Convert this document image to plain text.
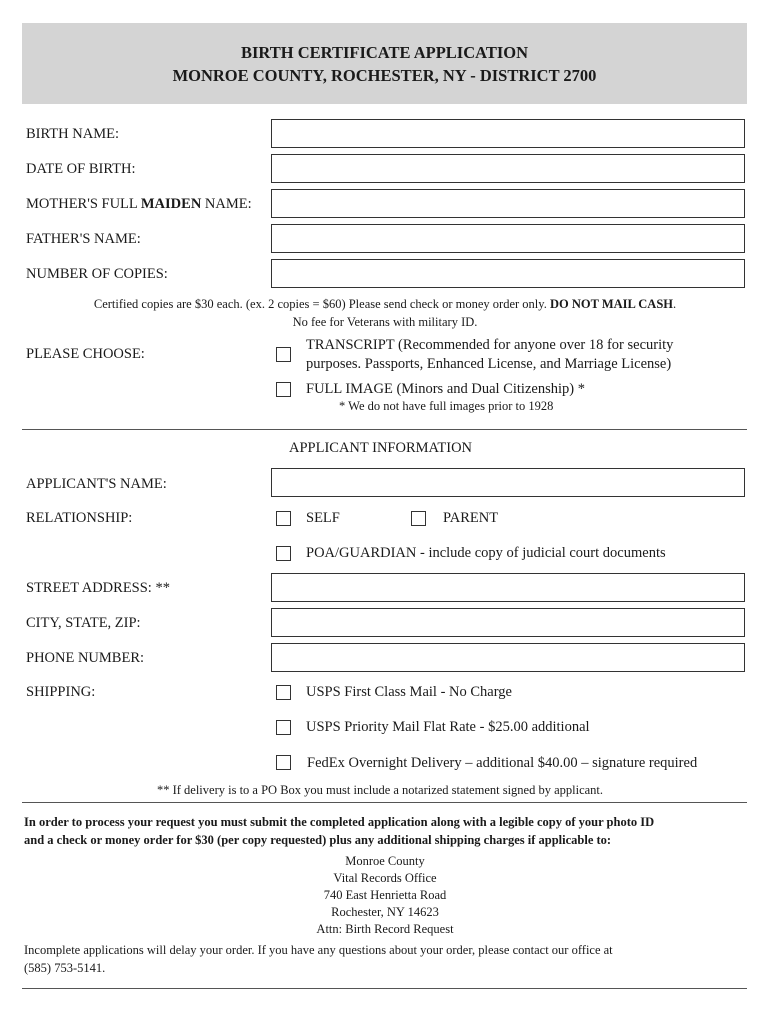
BIRTH CERTIFICATE APPLICATION
MONROE COUNTY, ROCHESTER, NY - DISTRICT 2700
BIRTH NAME:
DATE OF BIRTH:
MOTHER'S FULL MAIDEN NAME:
FATHER'S NAME:
NUMBER OF COPIES:
Certified copies are $30 each. (ex. 2 copies = $60) Please send check or money order only. DO NOT MAIL CASH.
No fee for Veterans with military ID.
PLEASE CHOOSE:
TRANSCRIPT (Recommended for anyone over 18 for security
purposes. Passports, Enhanced License, and Marriage License)
FULL IMAGE (Minors and Dual Citizenship) *
* We do not have full images prior to 1928
APPLICANT INFORMATION
APPLICANT'S NAME:
RELATIONSHIP:	SELF	PARENT
POA/GUARDIAN - include copy of judicial court documents
STREET ADDRESS: **
CITY, STATE, ZIP:
PHONE NUMBER:
SHIPPING:	USPS First Class Mail - No Charge
USPS Priority Mail Flat Rate - $25.00 additional
FedEx Overnight Delivery – additional $40.00 – signature required
** If delivery is to a PO Box you must include a notarized statement signed by applicant.
In order to process your request you must submit the completed application along with a legible copy of your photo ID
and a check or money order for $30 (per copy requested) plus any additional shipping charges if applicable to:
Monroe County
Vital Records Office
740 East Henrietta Road
Rochester, NY 14623
Attn: Birth Record Request
Incomplete applications will delay your order. If you have any questions about your order, please contact our office at
(585) 753-5141.
